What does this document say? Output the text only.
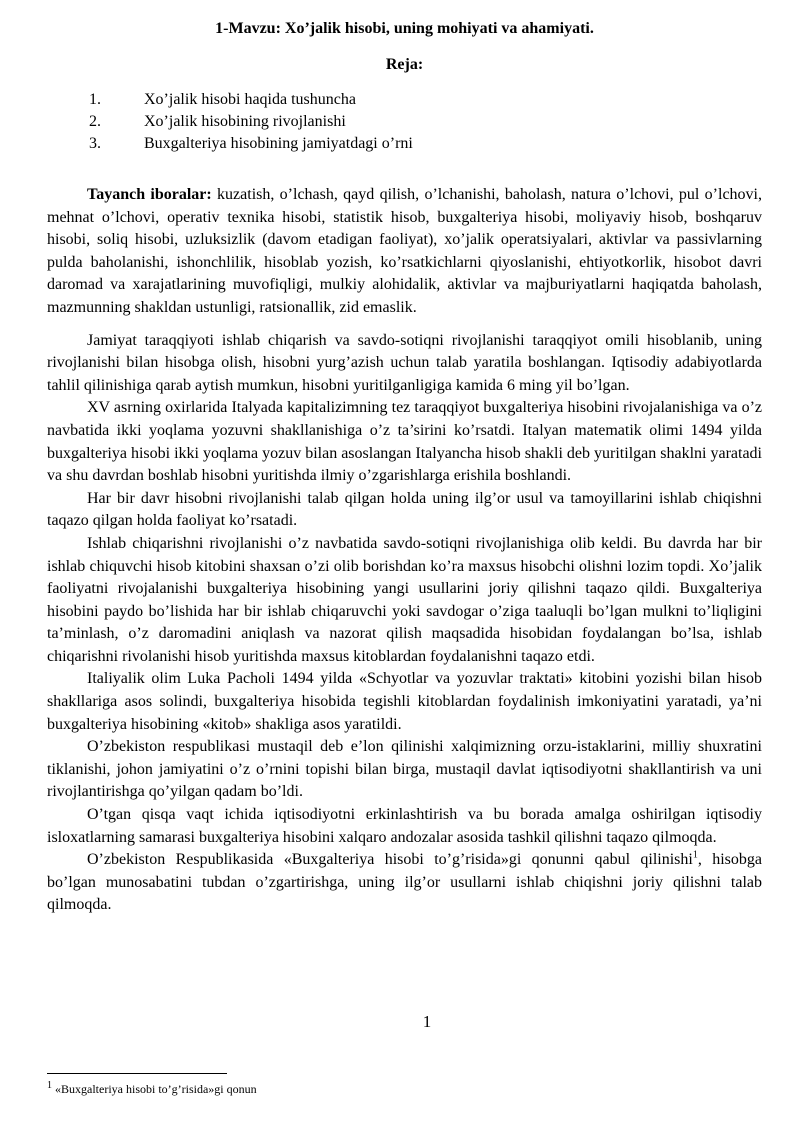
1-Mavzu: Xo’jalik hisobi, uning mohiyati va ahamiyati.
Reja:
1.	Xo’jalik hisobi haqida tushuncha
2.	Xo’jalik hisobining rivojlanishi
3.	Buxgalteriya hisobining jamiyatdagi o’rni

Tayanch iboralar: kuzatish, o’lchash, qayd qilish, o’lchanishi, baholash, natura o’lchovi, pul o’lchovi, mehnat o’lchovi, operativ texnika hisobi, statistik hisob, buxgalteriya hisobi, moliyaviy hisob, boshqaruv hisobi, soliq hisobi, uzluksizlik (davom etadigan faoliyat), xo’jalik operatsiyalari, aktivlar va passivlarning pulda baholanishi, ishonchlilik, hisoblab yozish, ko’rsatkichlarni qiyoslanishi, ehtiyotkorlik, hisobot davri daromad va xarajatlarining muvofiqligi, mulkiy alohidalik, aktivlar va majburiyatlarni haqiqatda baholash, mazmunning shakldan ustunligi, ratsionallik, zid emaslik.

Jamiyat taraqqiyoti ishlab chiqarish va savdo-sotiqni rivojlanishi taraqqiyot omili hisoblanib, uning rivojlanishi bilan hisobga olish, hisobni yurg’azish uchun talab yaratila boshlangan. Iqtisodiy adabiyotlarda tahlil qilinishiga qarab aytish mumkun, hisobni yuritilganligiga kamida 6 ming yil bo’lgan.

XV asrning oxirlarida Italyada kapitalizimning tez taraqqiyot buxgalteriya hisobini rivojalanishiga va o’z navbatida ikki yoqlama yozuvni shakllanishiga o’z ta’sirini ko’rsatdi. Italyan matematik olimi 1494 yilda buxgalteriya hisobi ikki yoqlama yozuv bilan asoslangan Italyancha hisob shakli deb yuritilgan shaklni yaratadi va shu davrdan boshlab hisobni yuritishda ilmiy o’zgarishlarga erishila boshlandi.

Har bir davr hisobni rivojlanishi talab qilgan holda uning ilg’or usul va tamoyillarini ishlab chiqishni taqazo qilgan holda faoliyat ko’rsatadi.

Ishlab chiqarishni rivojlanishi o’z navbatida savdo-sotiqni rivojlanishiga olib keldi. Bu davrda har bir ishlab chiquvchi hisob kitobini shaxsan o’zi olib borishdan ko’ra maxsus hisobchi olishni lozim topdi. Xo’jalik faoliyatni rivojalanishi buxgalteriya hisobining yangi usullarini joriy qilishni taqazo qildi. Buxgalteriya hisobini paydo bo’lishida har bir ishlab chiqaruvchi yoki savdogar o’ziga taaluqli bo’lgan mulkni to’liqligini ta’minlash, o’z daromadini aniqlash va nazorat qilish maqsadida hisobidan foydalangan bo’lsa, ishlab chiqarishni rivolanishi hisob yuritishda maxsus kitoblardan foydalanishni taqazo etdi.

Italiyalik olim Luka Pacholi 1494 yilda «Schyotlar va yozuvlar traktati» kitobini yozishi bilan hisob shakllariga asos solindi, buxgalteriya hisobida tegishli kitoblardan foydalinish imkoniyatini yaratadi, ya’ni buxgalteriya hisobining «kitob» shakliga asos yaratildi.

O’zbekiston respublikasi mustaqil deb e’lon qilinishi xalqimizning orzu-istaklarini, milliy shuxratini tiklanishi, johon jamiyatini o’z o’rnini topishi bilan birga, mustaqil davlat iqtisodiyotni shakllantirish va uni rivojlantirishga qo’yilgan qadam bo’ldi.

O’tgan qisqa vaqt ichida iqtisodiyotni erkinlashtirish va bu borada amalga oshirilgan iqtisodiy isloxatlarning samarasi buxgalteriya hisobini xalqaro andozalar asosida tashkil qilishni taqazo qilmoqda.

O’zbekiston Respublikasida «Buxgalteriya hisobi to’g’risida»gi qonunni qabul qilinishi$^1$, hisobga bo’lgan munosabatini tubdan o’zgartirishga, uning ilg’or usullarni ishlab chiqishni joriy qilishni talab qilmoqda.

1
$^1$ «Buxgalteriya hisobi to’g’risida»gi qonun
